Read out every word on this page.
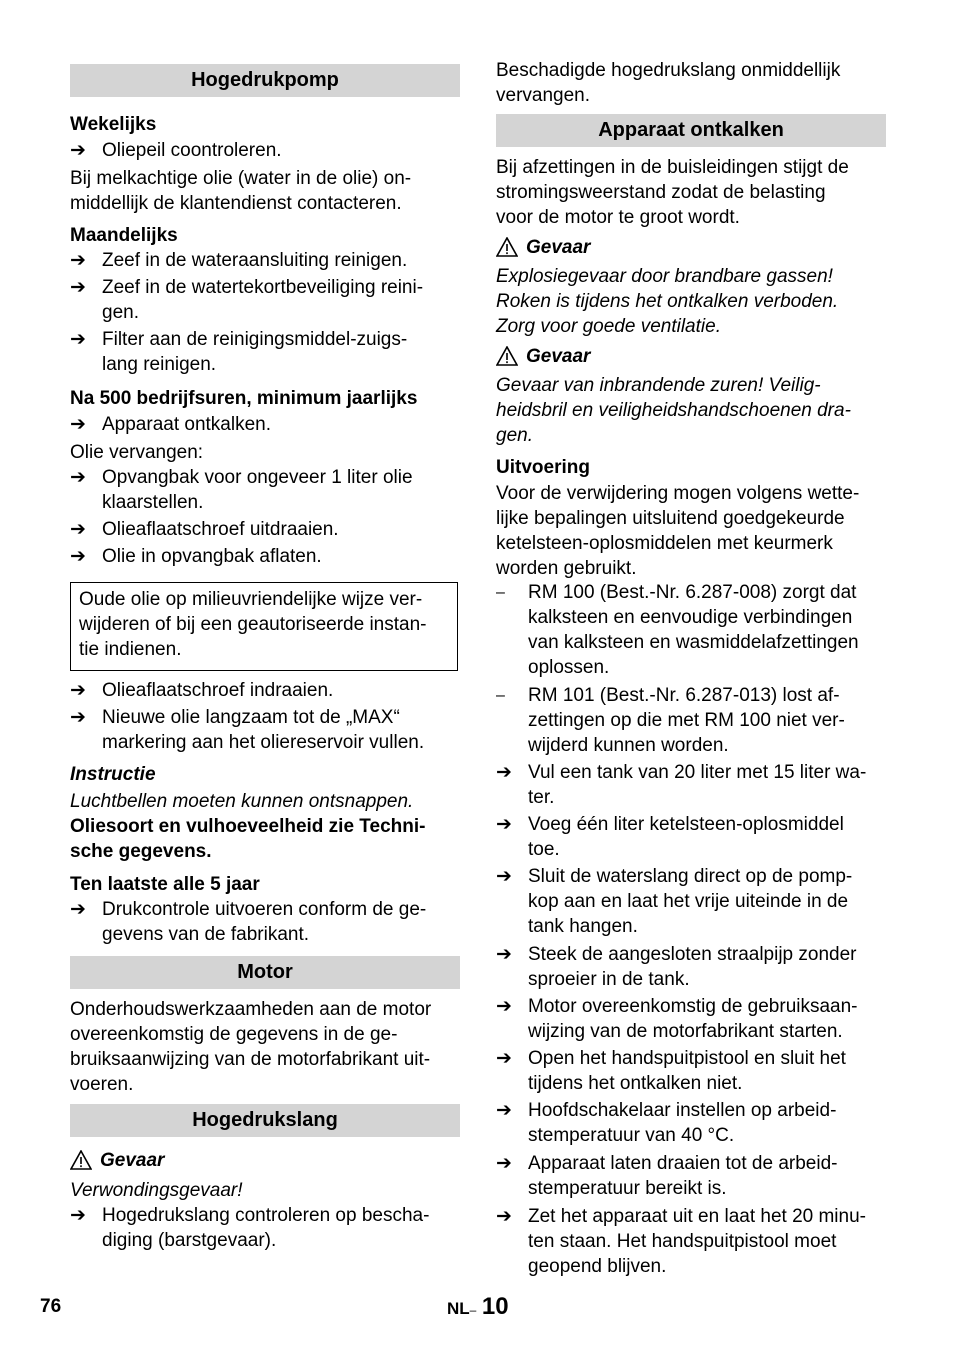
Hogedrukpomp
Wekelijks
➔ Oliepeil coontroleren.
Bij melkachtige olie (water in de olie) on-
middellijk de klantendienst contacteren.
Maandelijks
➔ Zeef in de wateraansluiting reinigen.
➔ Zeef in de watertekortbeveiliging reini-
gen.
➔ Filter aan de reinigingsmiddel-zuigs-
lang reinigen.
Na 500 bedrijfsuren, minimum jaarlijks
➔ Apparaat ontkalken.
Olie vervangen:
➔ Opvangbak voor ongeveer 1 liter olie
klaarstellen.
➔ Olieaflaatschroef uitdraaien.
➔ Olie in opvangbak aflaten.
Oude olie op milieuvriendelijke wijze ver-
wijderen of bij een geautoriseerde instan-
tie indienen.
➔ Olieaflaatschroef indraaien.
➔ Nieuwe olie langzaam tot de „MAX“
markering aan het oliereservoir vullen.
Instructie
Luchtbellen moeten kunnen ontsnappen.
Oliesoort en vulhoeveelheid zie Techni-
sche gegevens.
Ten laatste alle 5 jaar
➔ Drukcontrole uitvoeren conform de ge-
gevens van de fabrikant.
Motor
Onderhoudswerkzaamheden aan de motor
overeenkomstig de gegevens in de ge-
bruiksaanwijzing van de motorfabrikant uit-
voeren.
Hogedrukslang
Gevaar
Verwondingsgevaar!
➔ Hogedrukslang controleren op bescha-
diging (barstgevaar).
Beschadigde hogedrukslang onmiddellijk
vervangen.
Apparaat ontkalken
Bij afzettingen in de buisleidingen stijgt de
stromingsweerstand zodat de belasting
voor de motor te groot wordt.
Gevaar
Explosiegevaar door brandbare gassen!
Roken is tijdens het ontkalken verboden.
Zorg voor goede ventilatie.
Gevaar
Gevaar van inbrandende zuren! Veilig-
heidsbril en veiligheidshandschoenen dra-
gen.
Uitvoering
Voor de verwijdering mogen volgens wette-
lijke bepalingen uitsluitend goedgekeurde
ketelsteen-oplosmiddelen met keurmerk
worden gebruikt.
–	RM 100 (Best.-Nr. 6.287-008) zorgt dat
kalksteen en eenvoudige verbindingen
van kalksteen en wasmiddelafzettingen
oplossen.
–	RM 101 (Best.-Nr. 6.287-013) lost af-
zettingen op die met RM 100 niet ver-
wijderd kunnen worden.
➔ Vul een tank van 20 liter met 15 liter wa-
ter.
➔ Voeg één liter ketelsteen-oplosmiddel
toe.
➔ Sluit de waterslang direct op de pomp-
kop aan en laat het vrije uiteinde in de
tank hangen.
➔ Steek de aangesloten straalpijp zonder
sproeier in de tank.
➔ Motor overeenkomstig de gebruiksaan-
wijzing van de motorfabrikant starten.
➔ Open het handspuitpistool en sluit het
tijdens het ontkalken niet.
➔ Hoofdschakelaar instellen op arbeid-
stemperatuur van 40 °C.
➔ Apparaat laten draaien tot de arbeid-
stemperatuur bereikt is.
➔ Zet het apparaat uit en laat het 20 minu-
ten staan. Het handspuitpistool moet
geopend blijven.
76	NL– 10
